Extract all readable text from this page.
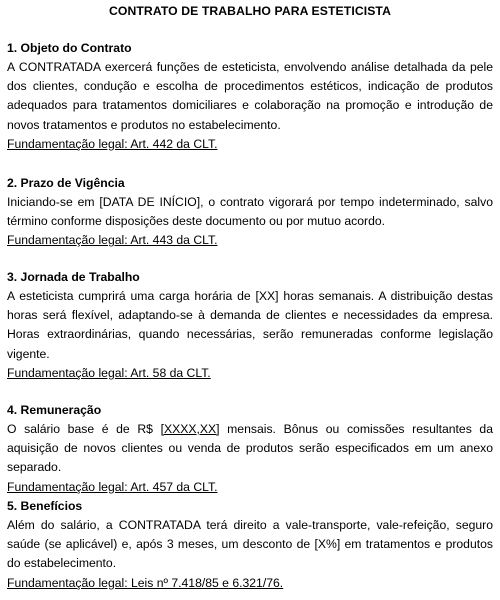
CONTRATO DE TRABALHO PARA ESTETICISTA

1. Objeto do Contrato

A CONTRATADA exercerá funções de esteticista, envolvendo análise detalhada da pele dos clientes, condução e escolha de procedimentos estéticos, indicação de produtos adequados para tratamentos domiciliares e colaboração na promoção e introdução de novos tratamentos e produtos no estabelecimento.

Fundamentação legal: Art. 442 da CLT.

2. Prazo de Vigência

Iniciando-se em [DATA DE INÍCIO], o contrato vigorará por tempo indeterminado, salvo término conforme disposições deste documento ou por mutuo acordo.

Fundamentação legal: Art. 443 da CLT.

3. Jornada de Trabalho

A esteticista cumprirá uma carga horária de [XX] horas semanais. A distribuição destas horas será flexível, adaptando-se à demanda de clientes e necessidades da empresa. Horas extraordinárias, quando necessárias, serão remuneradas conforme legislação vigente.

Fundamentação legal: Art. 58 da CLT.

4. Remuneração

O salário base é de R$ [XXXX,XX] mensais. Bônus ou comissões resultantes da aquisição de novos clientes ou venda de produtos serão especificados em um anexo separado.

Fundamentação legal: Art. 457 da CLT.

5. Benefícios

Além do salário, a CONTRATADA terá direito a vale-transporte, vale-refeição, seguro saúde (se aplicável) e, após 3 meses, um desconto de [X%] em tratamentos e produtos do estabelecimento.

Fundamentação legal: Leis nº 7.418/85 e 6.321/76.
